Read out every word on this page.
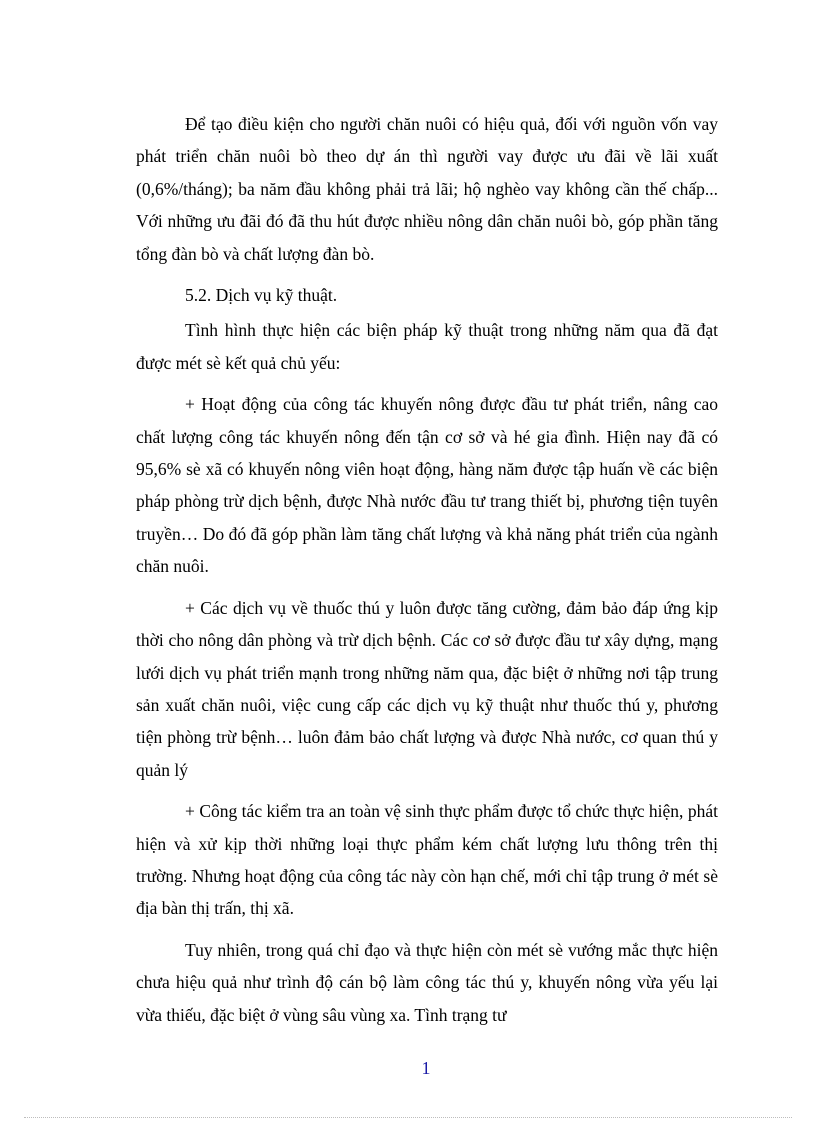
Để tạo điều kiện cho người chăn nuôi có hiệu quả, đối với nguồn vốn vay phát triển chăn nuôi bò theo dự án thì người vay được ưu đãi về lãi xuất (0,6%/tháng); ba năm đầu không phải trả lãi; hộ nghèo vay không cần thế chấp... Với những ưu đãi đó đã thu hút được nhiều nông dân chăn nuôi bò, góp phần tăng tổng đàn bò và chất lượng đàn bò.

5.2. Dịch vụ kỹ thuật.

Tình hình thực hiện các biện pháp kỹ thuật trong những năm qua đã đạt được mét sè kết quả chủ yếu:

+ Hoạt động của công tác khuyến nông được đầu tư phát triển, nâng cao chất lượng công tác khuyến nông đến tận cơ sở và hé gia đình. Hiện nay đã có 95,6% sè xã có khuyến nông viên hoạt động, hàng năm được tập huấn về các biện pháp phòng trừ dịch bệnh, được Nhà nước đầu tư trang thiết bị, phương tiện tuyên truyền… Do đó đã góp phần làm tăng chất lượng và khả năng phát triển của ngành chăn nuôi.

+ Các dịch vụ về thuốc thú y luôn được tăng cường, đảm bảo đáp ứng kịp thời cho nông dân phòng và trừ dịch bệnh. Các cơ sở được đầu tư xây dựng, mạng lưới dịch vụ phát triển mạnh trong những năm qua, đặc biệt ở những nơi tập trung sản xuất chăn nuôi, việc cung cấp các dịch vụ kỹ thuật như thuốc thú y, phương tiện phòng trừ bệnh… luôn đảm bảo chất lượng và được Nhà nước, cơ quan thú y quản lý

+ Công tác kiểm tra an toàn vệ sinh thực phẩm được tổ chức thực hiện, phát hiện và xử kịp thời những loại thực phẩm kém chất lượng lưu thông trên thị trường. Nhưng hoạt động của công tác này còn hạn chế, mới chỉ tập trung ở mét sè địa bàn thị trấn, thị xã.

Tuy nhiên, trong quá chỉ đạo và thực hiện còn mét sè vướng mắc thực hiện chưa hiệu quả như trình độ cán bộ làm công tác thú y, khuyến nông vừa yếu lại vừa thiếu, đặc biệt ở vùng sâu vùng xa. Tình trạng tư

1
